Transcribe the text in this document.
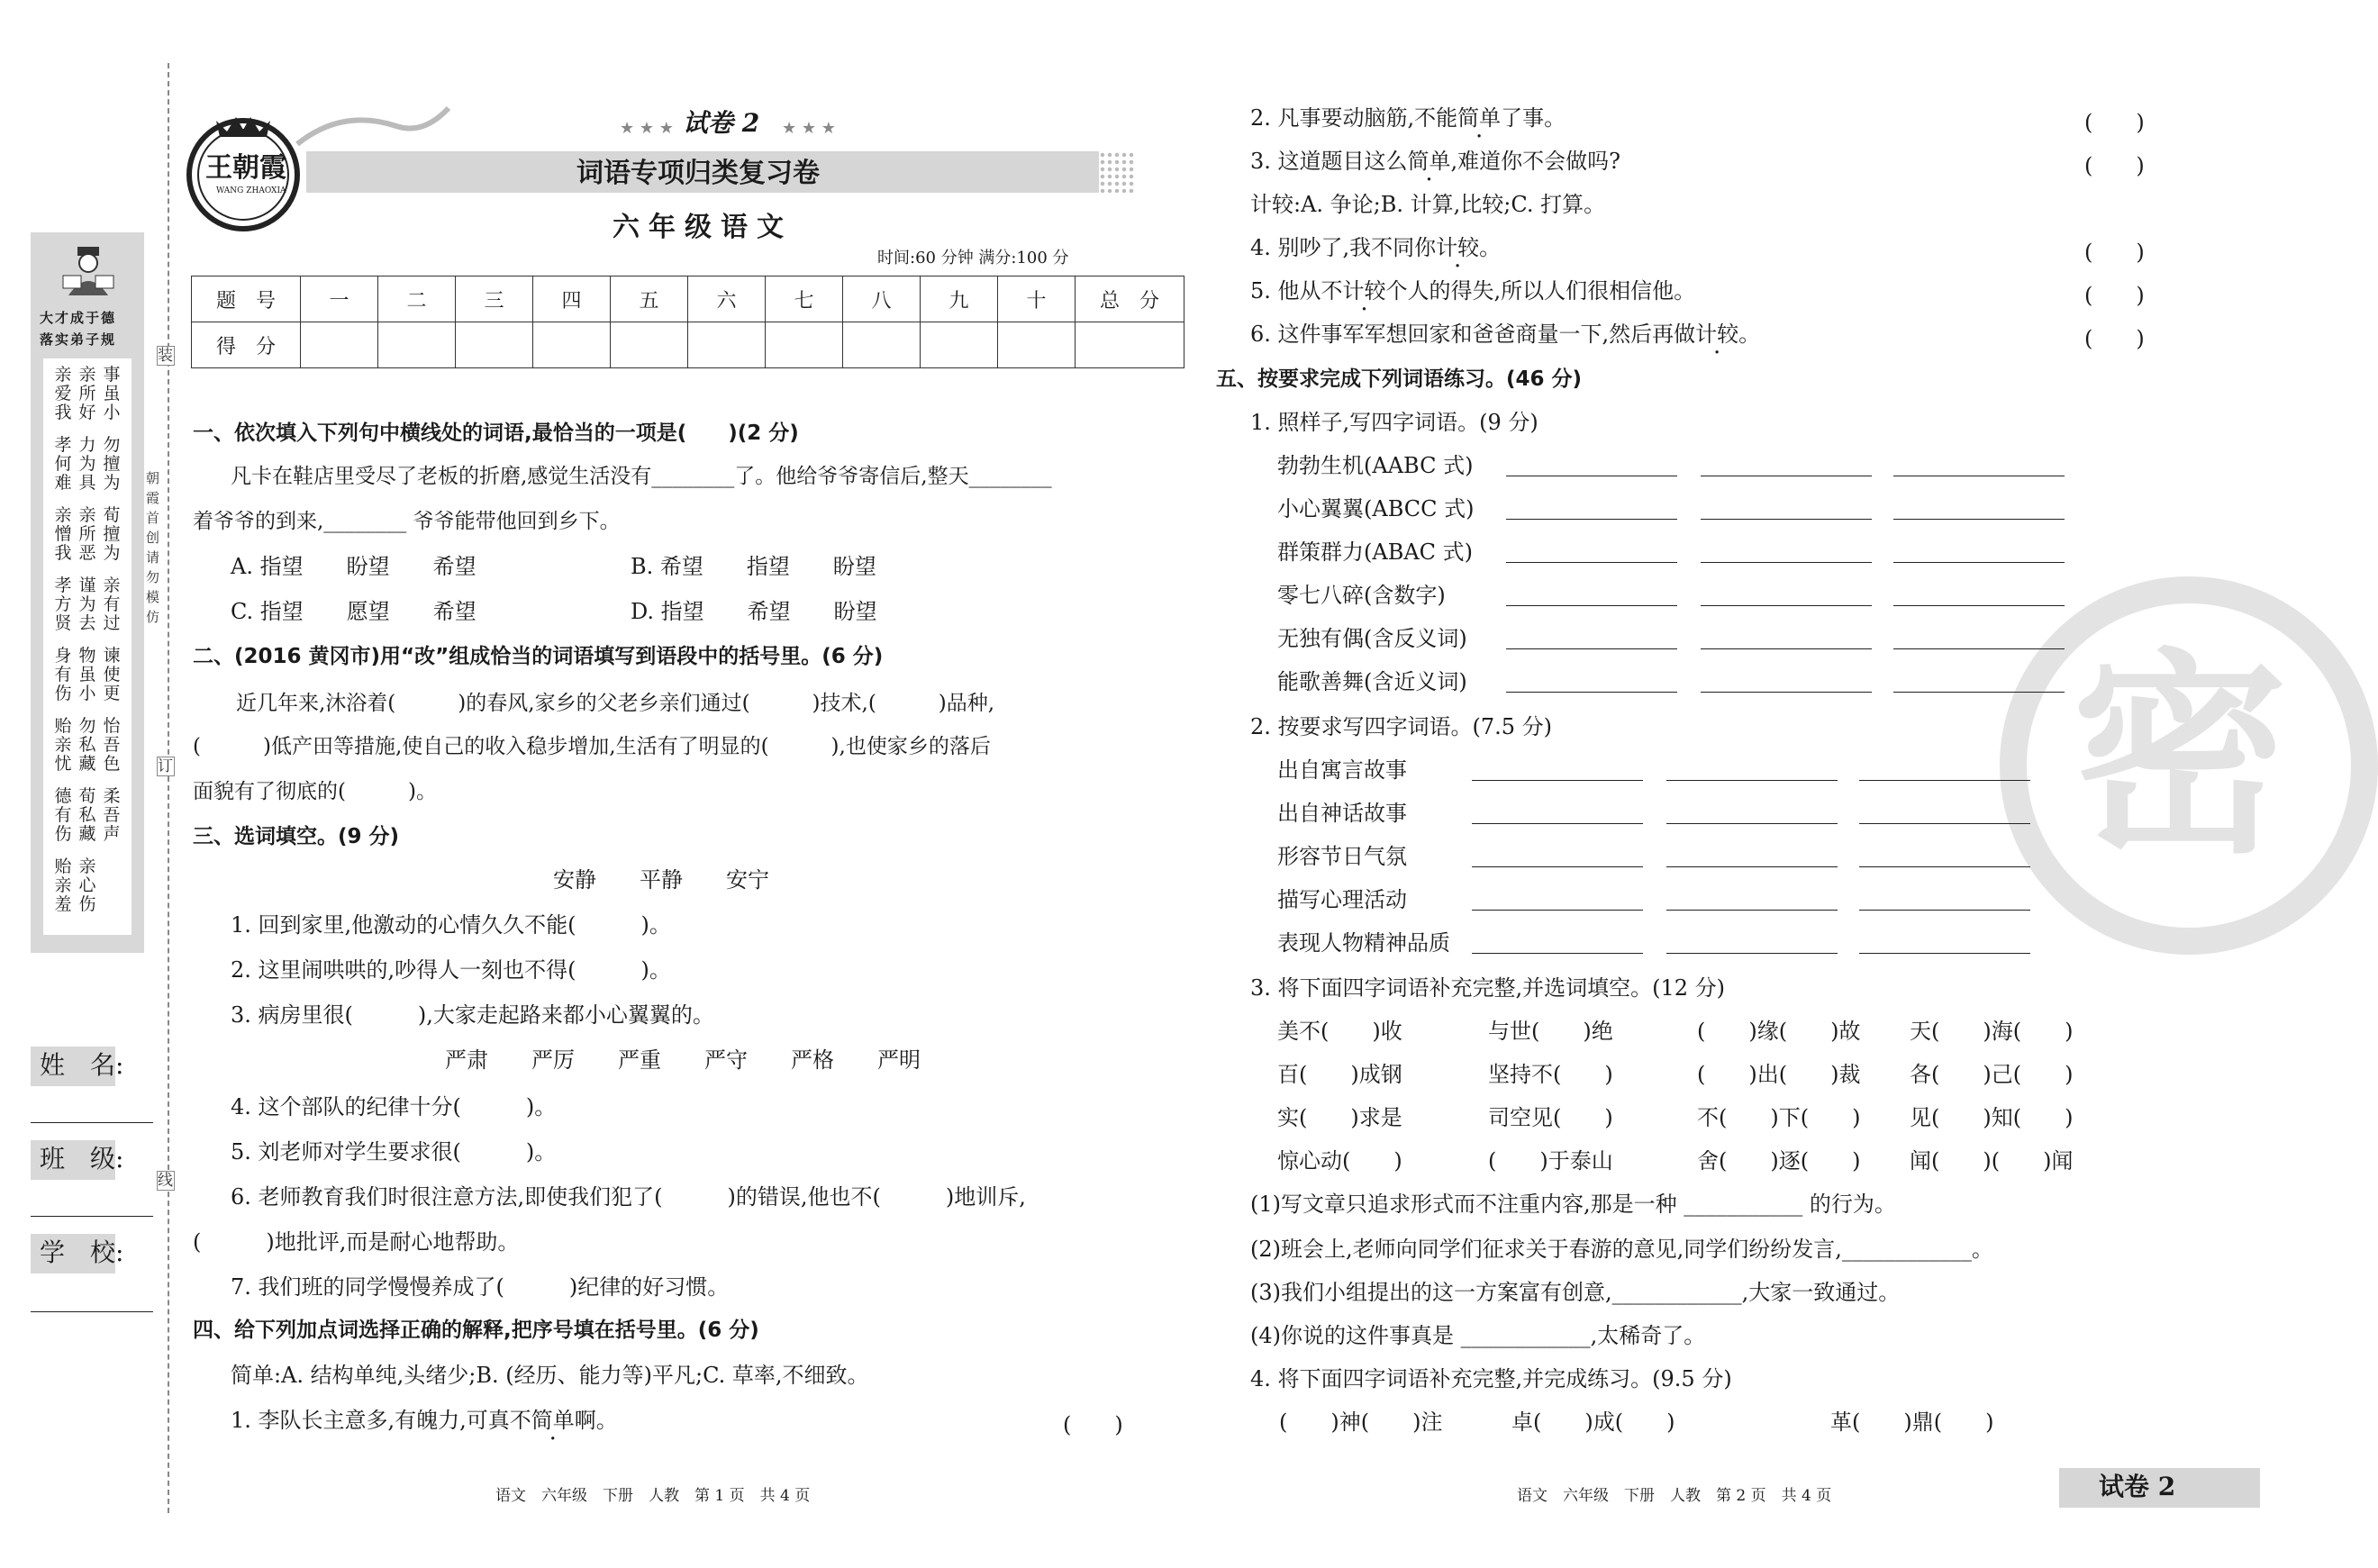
大才成于德
落实弟子规
亲爱我
亲所好
事虽小
孝何难
力为具
勿擅为
亲憎我
亲所恶
荀擅为
孝方贤
谨为去
亲有过
身有伤
物虽小
谏使更
贻亲忧
勿私藏
怡吾色
德有伤
荀私藏
柔吾声
贻亲羞
亲心伤
装
订
线
朝霞首创　请勿模仿
姓　名:
班　级:
学　校:
王朝霞
WANG ZHAOXIA
★ ★ ★ 试卷 2 ★ ★ ★
词语专项归类复习卷
六年级语文
时间:60 分钟 满分:100 分
题　号	一	二	三	四	五	六	七	八	九	十	总　分
得　分											
一、依次填入下列句中横线处的词语,最恰当的一项是(　　)(2 分)
凡卡在鞋店里受尽了老板的折磨,感觉生活没有________了。他给爷爷寄信后,整天________
着爷爷的到来,________ 爷爷能带他回到乡下。
A. 指望　　盼望　　希望	B. 希望　　指望　　盼望
C. 指望　　愿望　　希望	D. 指望　　希望　　盼望
二、(2016 黄冈市)用“改”组成恰当的词语填写到语段中的括号里。(6 分)
近几年来,沐浴着(　　　)的春风,家乡的父老乡亲们通过(　　　)技术,(　　　)品种,
(　　　)低产田等措施,使自己的收入稳步增加,生活有了明显的(　　　),也使家乡的落后
面貌有了彻底的(　　　)。
三、选词填空。(9 分)
安静　　平静　　安宁
1. 回到家里,他激动的心情久久不能(　　　)。
2. 这里闹哄哄的,吵得人一刻也不得(　　　)。
3. 病房里很(　　　),大家走起路来都小心翼翼的。
严肃　　严厉　　严重　　严守　　严格　　严明
4. 这个部队的纪律十分(　　　)。
5. 刘老师对学生要求很(　　　)。
6. 老师教育我们时很注意方法,即使我们犯了(　　　)的错误,他也不(　　　)地训斥,
(　　　)地批评,而是耐心地帮助。
7. 我们班的同学慢慢养成了(　　　)纪律的好习惯。
四、给下列加点词选择正确的解释,把序号填在括号里。(6 分)
简单:A. 结构单纯,头绪少;B. (经历、能力等)平凡;C. 草率,不细致。
1. 李队长主意多,有魄力,可真不简单啊。	(　　)
语文　六年级　下册　人教　第 1 页　共 4 页
密
2. 凡事要动脑筋,不能简单了事。	(　　)
3. 这道题目这么简单,难道你不会做吗?	(　　)
计较:A. 争论;B. 计算,比较;C. 打算。
4. 别吵了,我不同你计较。	(　　)
5. 他从不计较个人的得失,所以人们很相信他。	(　　)
6. 这件事军军想回家和爸爸商量一下,然后再做计较。	(　　)
五、按要求完成下列词语练习。(46 分)
1. 照样子,写四字词语。(9 分)
勃勃生机(AABC 式)
小心翼翼(ABCC 式)
群策群力(ABAC 式)
零七八碎(含数字)
无独有偶(含反义词)
能歌善舞(含近义词)
2. 按要求写四字词语。(7.5 分)
出自寓言故事
出自神话故事
形容节日气氛
描写心理活动
表现人物精神品质
3. 将下面四字词语补充完整,并选词填空。(12 分)
美不(　　)收	与世(　　)绝	(　　)缘(　　)故 天(　　)海(　　)
百(　　)成钢	坚持不(　　)	(　　)出(　　)裁 各(　　)己(　　)
实(　　)求是	司空见(　　)	不(　　)下(　　) 见(　　)知(　　)
惊心动(　　)	(　　)于泰山	舍(　　)逐(　　) 闻(　　)(　　)闻
(1)写文章只追求形式而不注重内容,那是一种 ___________ 的行为。
(2)班会上,老师向同学们征求关于春游的意见,同学们纷纷发言,____________。
(3)我们小组提出的这一方案富有创意,____________,大家一致通过。
(4)你说的这件事真是 ____________,太稀奇了。
4. 将下面四字词语补充完整,并完成练习。(9.5 分)
(　　)神(　　)注	卓(　　)成(　　)	革(　　)鼎(　　)
语文　六年级　下册　人教　第 2 页　共 4 页	试卷 2
